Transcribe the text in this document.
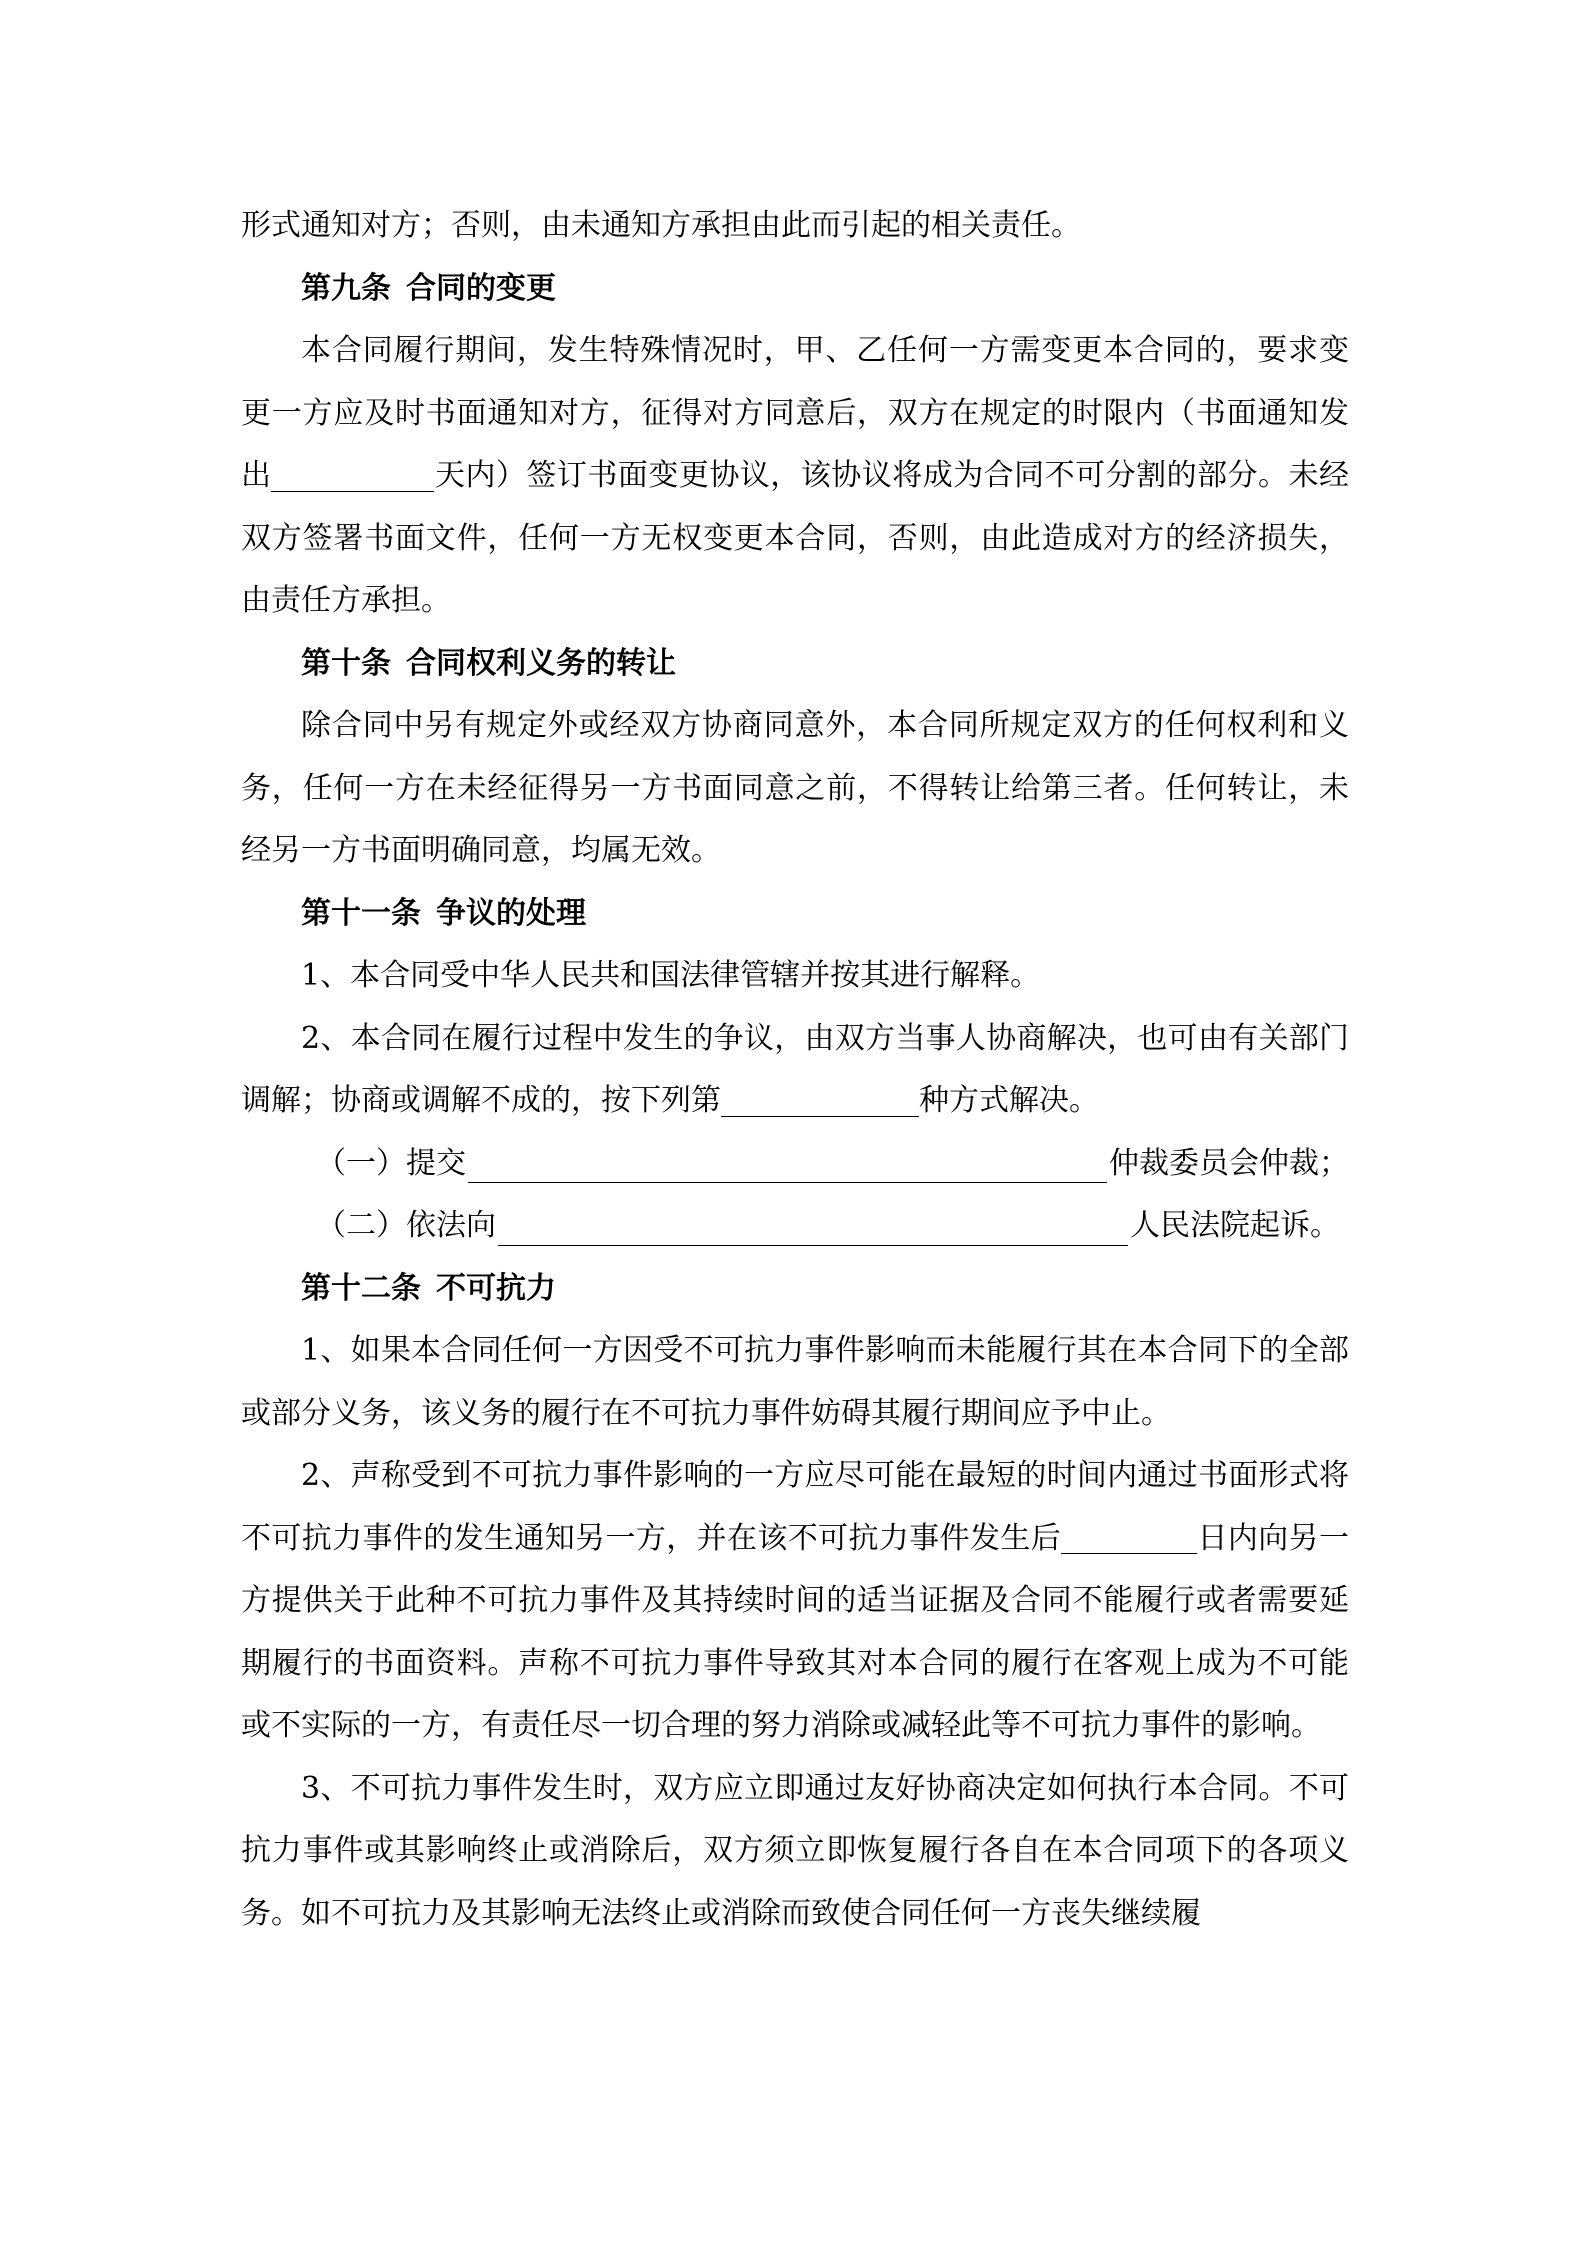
形式通知对方；否则，由未通知方承担由此而引起的相关责任。

第九条 合同的变更

本合同履行期间，发生特殊情况时，甲、乙任何一方需变更本合同的，要求变更一方应及时书面通知对方，征得对方同意后，双方在规定的时限内（书面通知发出	天内）签订书面变更协议，该协议将成为合同不可分割的部分。未经双方签署书面文件，任何一方无权变更本合同，否则，由此造成对方的经济损失，由责任方承担。

第十条 合同权利义务的转让

除合同中另有规定外或经双方协商同意外，本合同所规定双方的任何权利和义务，任何一方在未经征得另一方书面同意之前，不得转让给第三者。任何转让，未经另一方书面明确同意，均属无效。

第十一条 争议的处理

1、本合同受中华人民共和国法律管辖并按其进行解释。

2、本合同在履行过程中发生的争议，由双方当事人协商解决，也可由有关部门调解；协商或调解不成的，按下列第	种方式解决。

（一）提交	仲裁委员会仲裁；
（二）依法向	人民法院起诉。

第十二条 不可抗力

1、如果本合同任何一方因受不可抗力事件影响而未能履行其在本合同下的全部或部分义务，该义务的履行在不可抗力事件妨碍其履行期间应予中止。

2、声称受到不可抗力事件影响的一方应尽可能在最短的时间内通过书面形式将不可抗力事件的发生通知另一方，并在该不可抗力事件发生后	日内向另一方提供关于此种不可抗力事件及其持续时间的适当证据及合同不能履行或者需要延期履行的书面资料。声称不可抗力事件导致其对本合同的履行在客观上成为不可能或不实际的一方，有责任尽一切合理的努力消除或减轻此等不可抗力事件的影响。

3、不可抗力事件发生时，双方应立即通过友好协商决定如何执行本合同。不可抗力事件或其影响终止或消除后，双方须立即恢复履行各自在本合同项下的各项义务。如不可抗力及其影响无法终止或消除而致使合同任何一方丧失继续履
